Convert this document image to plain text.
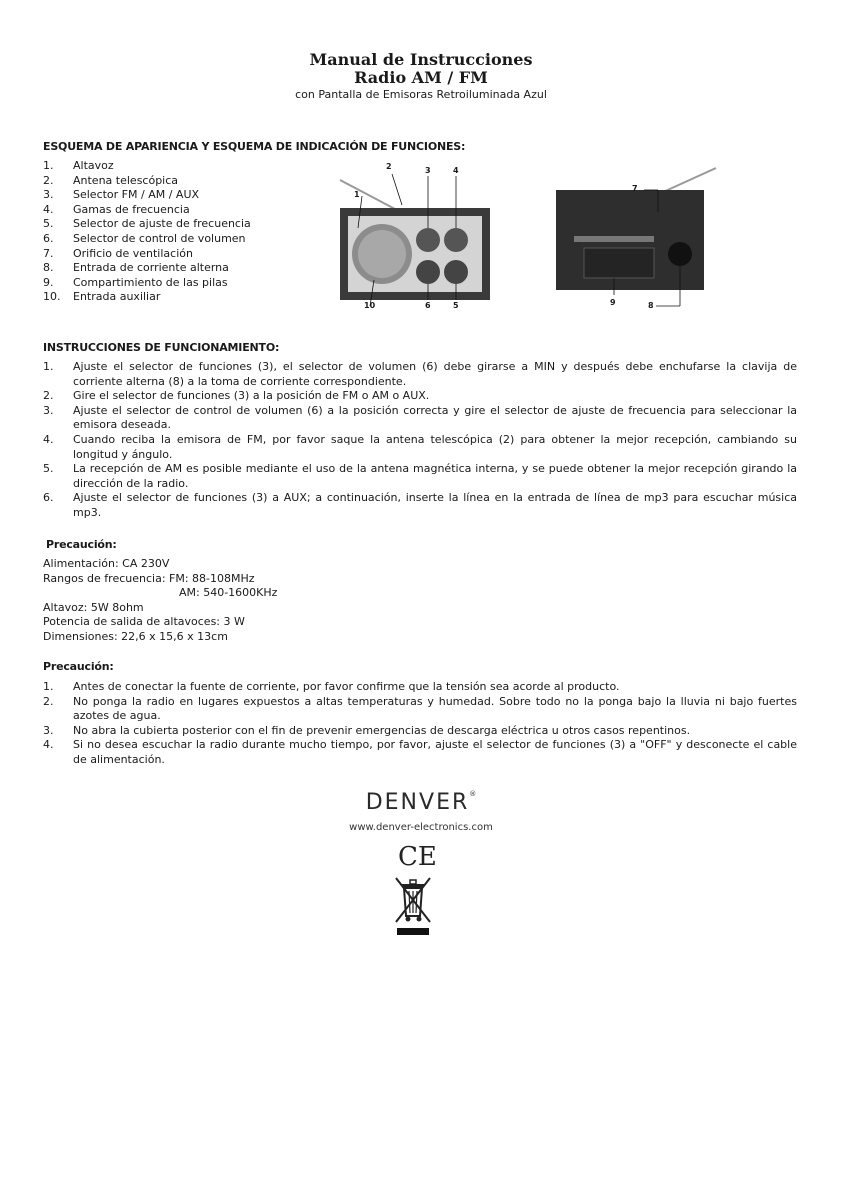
Manual de Instrucciones
Radio AM / FM
con Pantalla de Emisoras Retroiluminada Azul
ESQUEMA DE APARIENCIA Y ESQUEMA DE INDICACIÓN DE FUNCIONES:
1. Altavoz
2. Antena telescópica
3. Selector FM / AM / AUX
4. Gamas de frecuencia
5. Selector de ajuste de frecuencia
6. Selector de control de volumen
7. Orificio de ventilación
8. Entrada de corriente alterna
9. Compartimiento de las pilas
10. Entrada auxiliar
1
2	3	4
10	6	5
7
9	8
INSTRUCCIONES DE FUNCIONAMIENTO:
1. Ajuste el selector de funciones (3), el selector de volumen (6) debe girarse a MIN y después debe enchufarse la clavija de corriente alterna (8) a la toma de corriente correspondiente.
2. Gire el selector de funciones (3) a la posición de FM o AM o AUX.
3. Ajuste el selector de control de volumen (6) a la posición correcta y gire el selector de ajuste de frecuencia para seleccionar la emisora deseada.
4. Cuando reciba la emisora de FM, por favor saque la antena telescópica (2) para obtener la mejor recepción, cambiando su longitud y ángulo.
5. La recepción de AM es posible mediante el uso de la antena magnética interna, y se puede obtener la mejor recepción girando la dirección de la radio.
6. Ajuste el selector de funciones (3) a AUX; a continuación, inserte la línea en la entrada de línea de mp3 para escuchar música mp3.
Precaución:
Alimentación: CA 230V
Rangos de frecuencia: FM: 88-108MHz
AM: 540-1600KHz
Altavoz: 5W 8ohm
Potencia de salida de altavoces: 3 W
Dimensiones: 22,6 x 15,6 x 13cm
Precaución:
1. Antes de conectar la fuente de corriente, por favor confirme que la tensión sea acorde al producto.
2. No ponga la radio en lugares expuestos a altas temperaturas y humedad. Sobre todo no la ponga bajo la lluvia ni bajo fuertes azotes de agua.
3. No abra la cubierta posterior con el fin de prevenir emergencias de descarga eléctrica u otros casos repentinos.
4. Si no desea escuchar la radio durante mucho tiempo, por favor, ajuste el selector de funciones (3) a "OFF" y desconecte el cable de alimentación.
DENVER®
www.denver-electronics.com
CE
